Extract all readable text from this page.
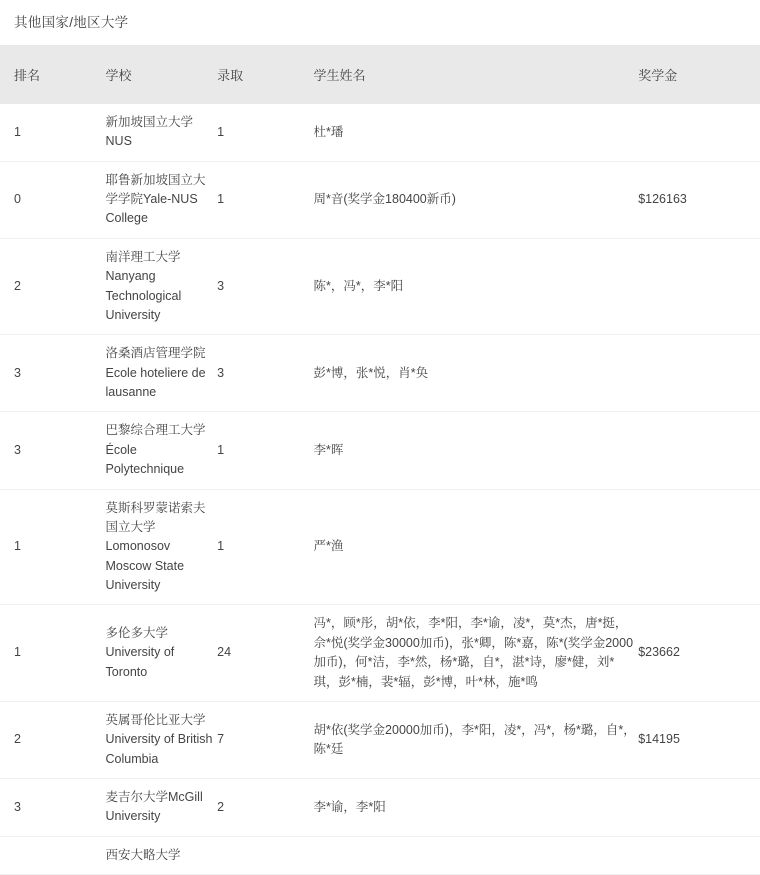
其他国家/地区大学
排名	学校	录取	学生姓名	奖学金
1	新加坡国立大学NUS	1	杜*璠	
0	耶鲁新加坡国立大学学院Yale-NUS College	1	周*音(奖学金180400新币)	$126163
2	南洋理工大学Nanyang Technological University	3	陈*，冯*，李*阳	
3	洛桑酒店管理学院Ecole hoteliere de lausanne	3	彭*博，张*悦，肖*奂	
3	巴黎综合理工大学École Polytechnique	1	李*晖	
1	莫斯科罗蒙诺索夫国立大学Lomonosov Moscow State University	1	严*渔	
1	多伦多大学University of Toronto	24	冯*，顾*彤，胡*依，李*阳，李*谕，凌*，莫*杰，唐*挺，佘*悦(奖学金30000加币)，张*卿，陈*嘉，陈*(奖学金2000加币)，何*洁，李*然，杨*璐，自*，湛*诗，廖*健，刘*琪，彭*楠，裴*辐，彭*博，叶*林，施*鸣	$23662
2	英属哥伦比亚大学University of British Columbia	7	胡*依(奖学金20000加币)，李*阳，凌*，冯*，杨*璐，自*，陈*廷	$14195
3	麦吉尔大学McGill University	2	李*谕，李*阳	
	西安大略大学			
